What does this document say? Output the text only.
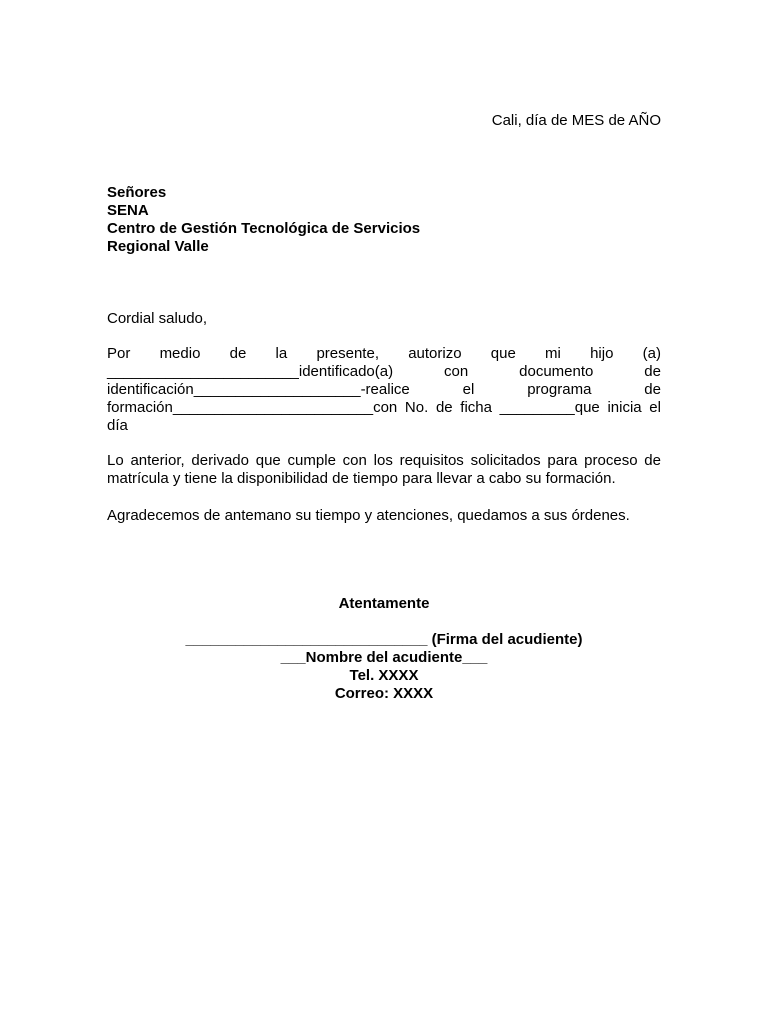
Cali, día de MES de AÑO
Señores
SENA
Centro de Gestión Tecnológica de Servicios
Regional Valle
Cordial saludo,
Por medio de la presente, autorizo que mi hijo (a)
_______________________identificado(a) con documento de
identificación____________________-realice el programa de
formación________________________con No. de ficha _________que inicia el
día
Lo anterior, derivado que cumple con los requisitos solicitados para proceso de
matrícula y tiene la disponibilidad de tiempo para llevar a cabo su formación.
Agradecemos de antemano su tiempo y atenciones, quedamos a sus órdenes.
Atentamente
_____________________________ (Firma del acudiente)
___Nombre del acudiente___
Tel. XXXX
Correo: XXXX
